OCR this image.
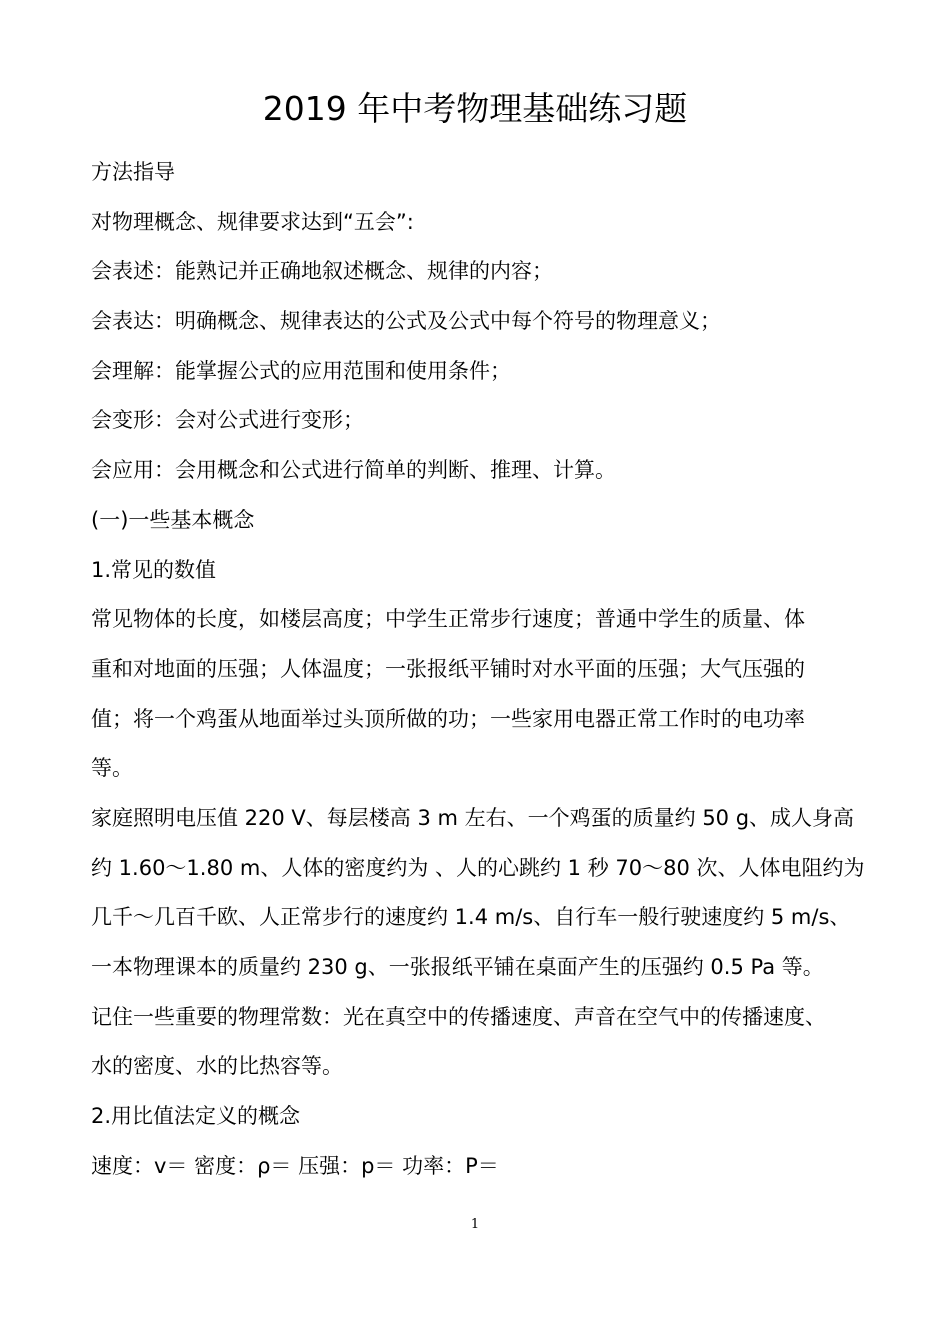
2019 年中考物理基础练习题
方法指导
对物理概念、规律要求达到“五会”:
会表述：能熟记并正确地叙述概念、规律的内容；
会表达：明确概念、规律表达的公式及公式中每个符号的物理意义；
会理解：能掌握公式的应用范围和使用条件；
会变形：会对公式进行变形；
会应用：会用概念和公式进行简单的判断、推理、计算。
(一)一些基本概念
1.常见的数值
常见物体的长度，如楼层高度；中学生正常步行速度；普通中学生的质量、体
重和对地面的压强；人体温度；一张报纸平铺时对水平面的压强；大气压强的
值；将一个鸡蛋从地面举过头顶所做的功；一些家用电器正常工作时的电功率
等。
家庭照明电压值 220 V、每层楼高 3 m 左右、一个鸡蛋的质量约 50 g、成人身高
约 1.60～1.80 m、人体的密度约为 、人的心跳约 1 秒 70～80 次、人体电阻约为
几千～几百千欧、人正常步行的速度约 1.4 m/s、自行车一般行驶速度约 5 m/s、
一本物理课本的质量约 230 g、一张报纸平铺在桌面产生的压强约 0.5 Pa 等。
记住一些重要的物理常数：光在真空中的传播速度、声音在空气中的传播速度、
水的密度、水的比热容等。
2.用比值法定义的概念
速度：v＝ 密度：ρ＝ 压强：p＝ 功率：P＝
1
